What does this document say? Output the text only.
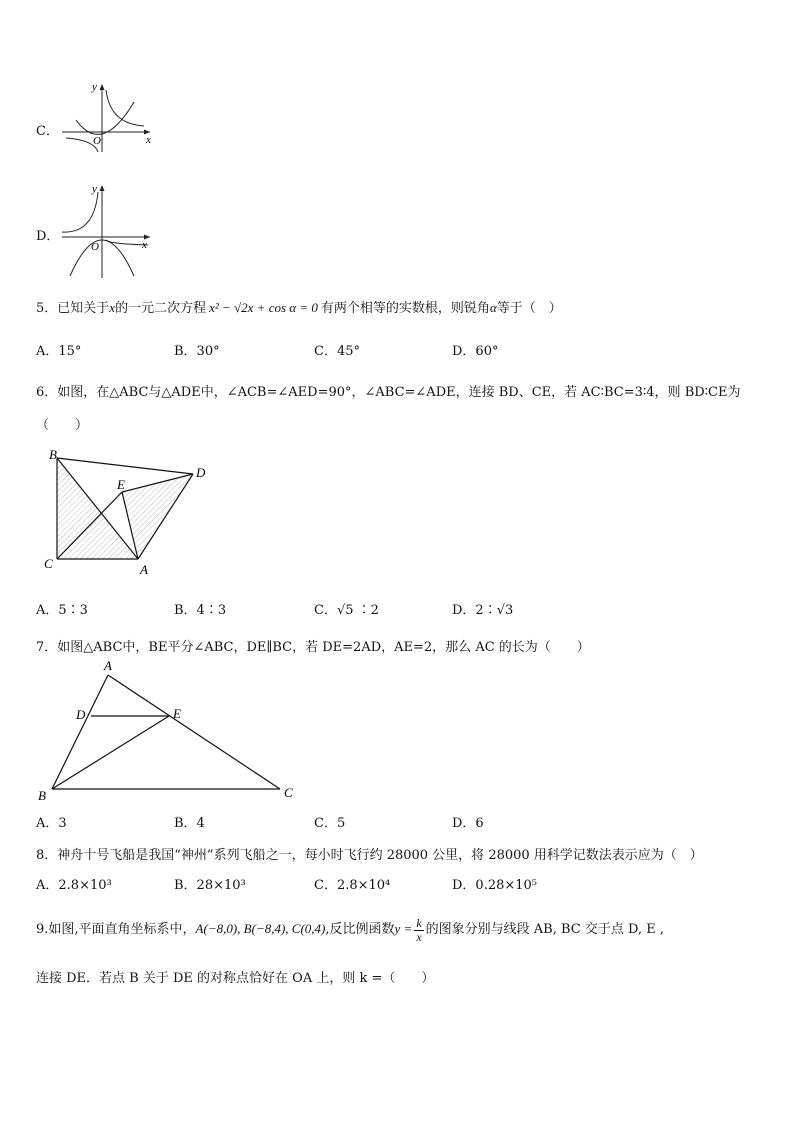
C．
y
x
O
D．
y
x
O
5．已知关于x的一元二次方程 x² − √2x + cos α = 0 有两个相等的实数根，则锐角α等于（　）
A．15°	B．30°	C．45°	D．60°
6．如图，在△ABC与△ADE中，∠ACB=∠AED=90°，∠ABC=∠ADE，连接 BD、CE，若 AC∶BC=3∶4，则 BD∶CE为
（　　）
B
C	A
D
E
A．5∶3	B．4∶3	C．√5 ∶2	D．2∶√3
7．如图△ABC中，BE平分∠ABC，DE∥BC，若 DE=2AD，AE=2，那么 AC 的长为（　　）
A
B	C
D	E
A．3	B．4	C．5	D．6
8．神舟十号飞船是我国“神州”系列飞船之一，每小时飞行约 28000 公里，将 28000 用科学记数法表示应为（　）
A．2.8×10³	B．28×10³	C．2.8×10⁴	D．0.28×10⁵
9.如图,平面直角坐标系中，A(−8,0), B(−8,4), C(0,4),反比例函数$y = \frac{k}{x}$ 的图象分别与线段 AB, BC 交于点 D, E ,
连接 DE．若点 B 关于 DE 的对称点恰好在 OA 上，则 k =（　　）
